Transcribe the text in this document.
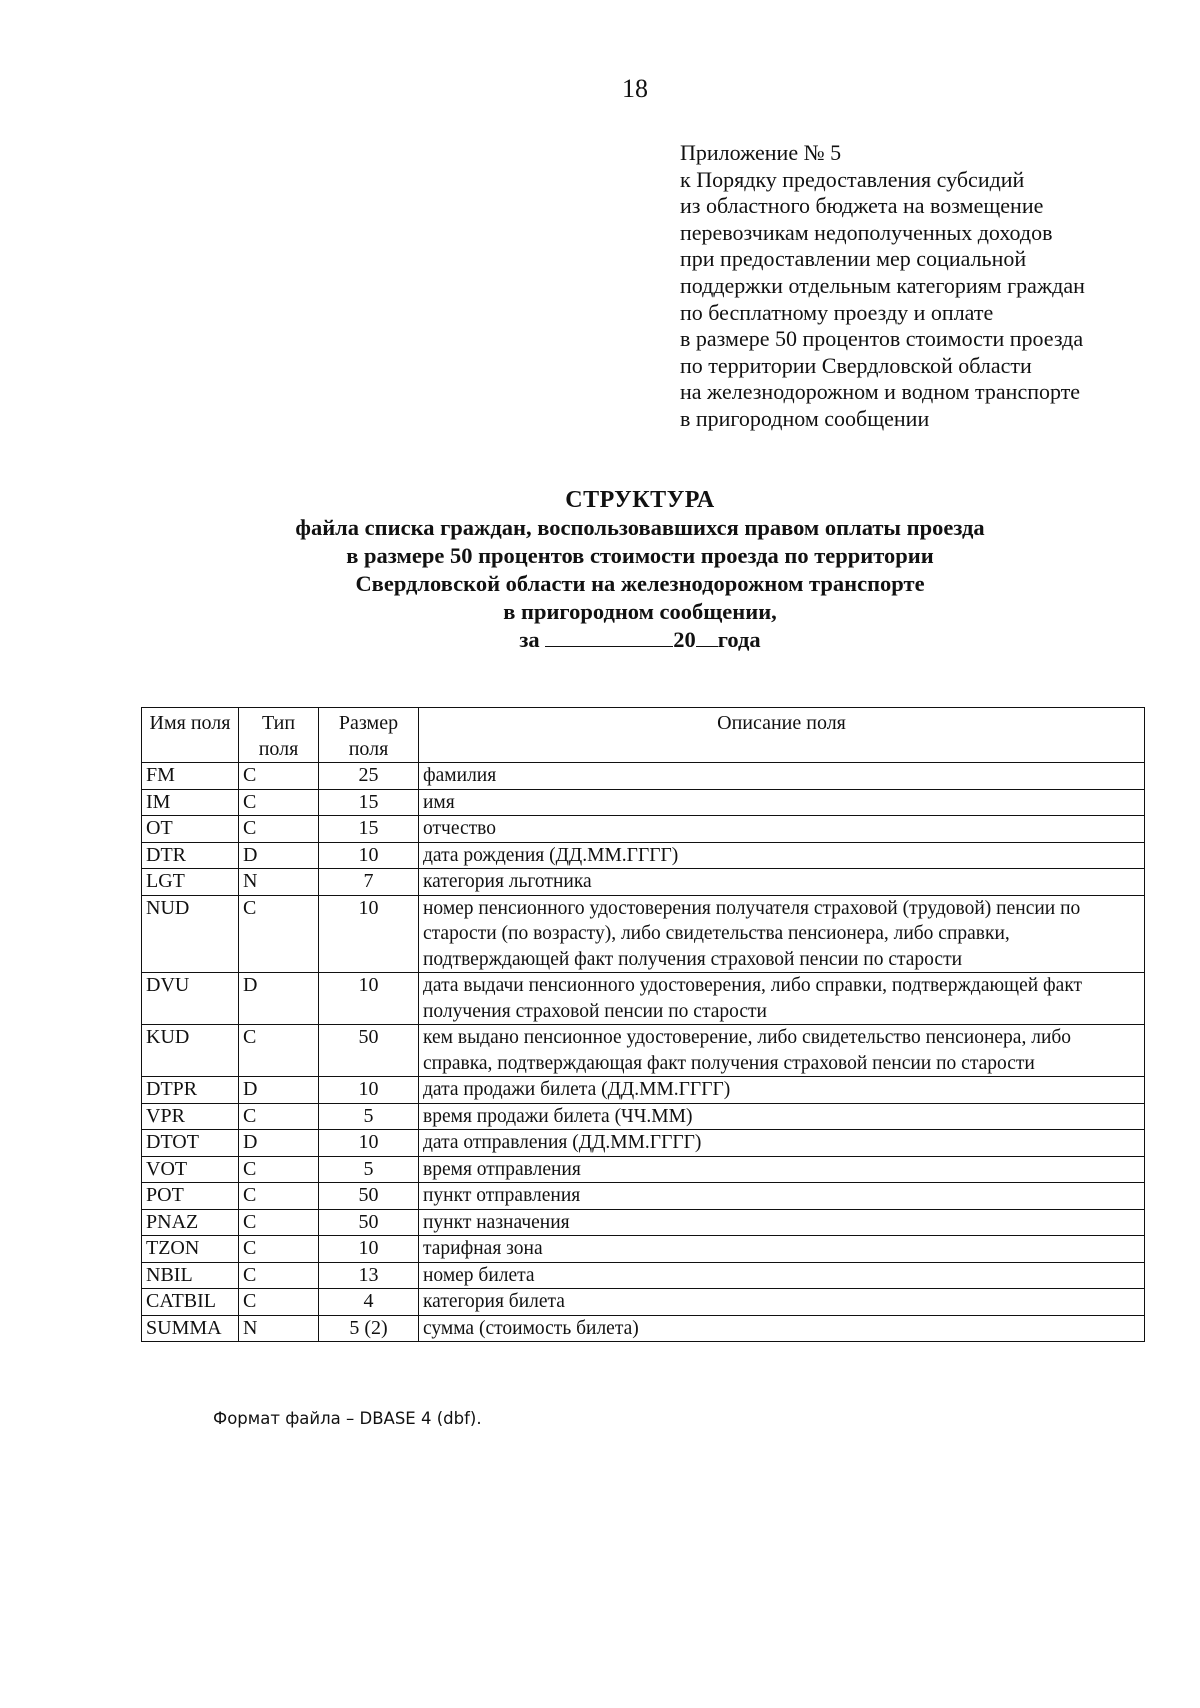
18
Приложение № 5
к Порядку предоставления субсидий
из областного бюджета на возмещение
перевозчикам недополученных доходов
при предоставлении мер социальной
поддержки отдельным категориям граждан
по бесплатному проезду и оплате
в размере 50 процентов стоимости проезда
по территории Свердловской области
на железнодорожном и водном транспорте
в пригородном сообщении
СТРУКТУРА
файла списка граждан, воспользовавшихся правом оплаты проезда
в размере 50 процентов стоимости проезда по территории
Свердловской области на железнодорожном транспорте
в пригородном сообщении,
за	20 года
Имя поля	Тип поля	Размер поля	Описание поля
FM	C	25	фамилия
IM	C	15	имя
OT	C	15	отчество
DTR	D	10	дата рождения (ДД.ММ.ГГГГ)
LGT	N	7	категория льготника
NUD	C	10	номер пенсионного удостоверения получателя страховой (трудовой) пенсии по старости (по возрасту), либо свидетельства пенсионера, либо справки, подтверждающей факт получения страховой пенсии по старости
DVU	D	10	дата выдачи пенсионного удостоверения, либо справки, подтверждающей факт получения страховой пенсии по старости
KUD	C	50	кем выдано пенсионное удостоверение, либо свидетельство пенсионера, либо справка, подтверждающая факт получения страховой пенсии по старости
DTPR	D	10	дата продажи билета (ДД.ММ.ГГГГ)
VPR	C	5	время продажи билета (ЧЧ.ММ)
DTOT	D	10	дата отправления (ДД.ММ.ГГГГ)
VOT	C	5	время отправления
POT	C	50	пункт отправления
PNAZ	C	50	пункт назначения
TZON	C	10	тарифная зона
NBIL	C	13	номер билета
CATBIL	C	4	категория билета
SUMMA	N	5 (2)	сумма (стоимость билета)
Формат файла – DBASE 4 (dbf).
